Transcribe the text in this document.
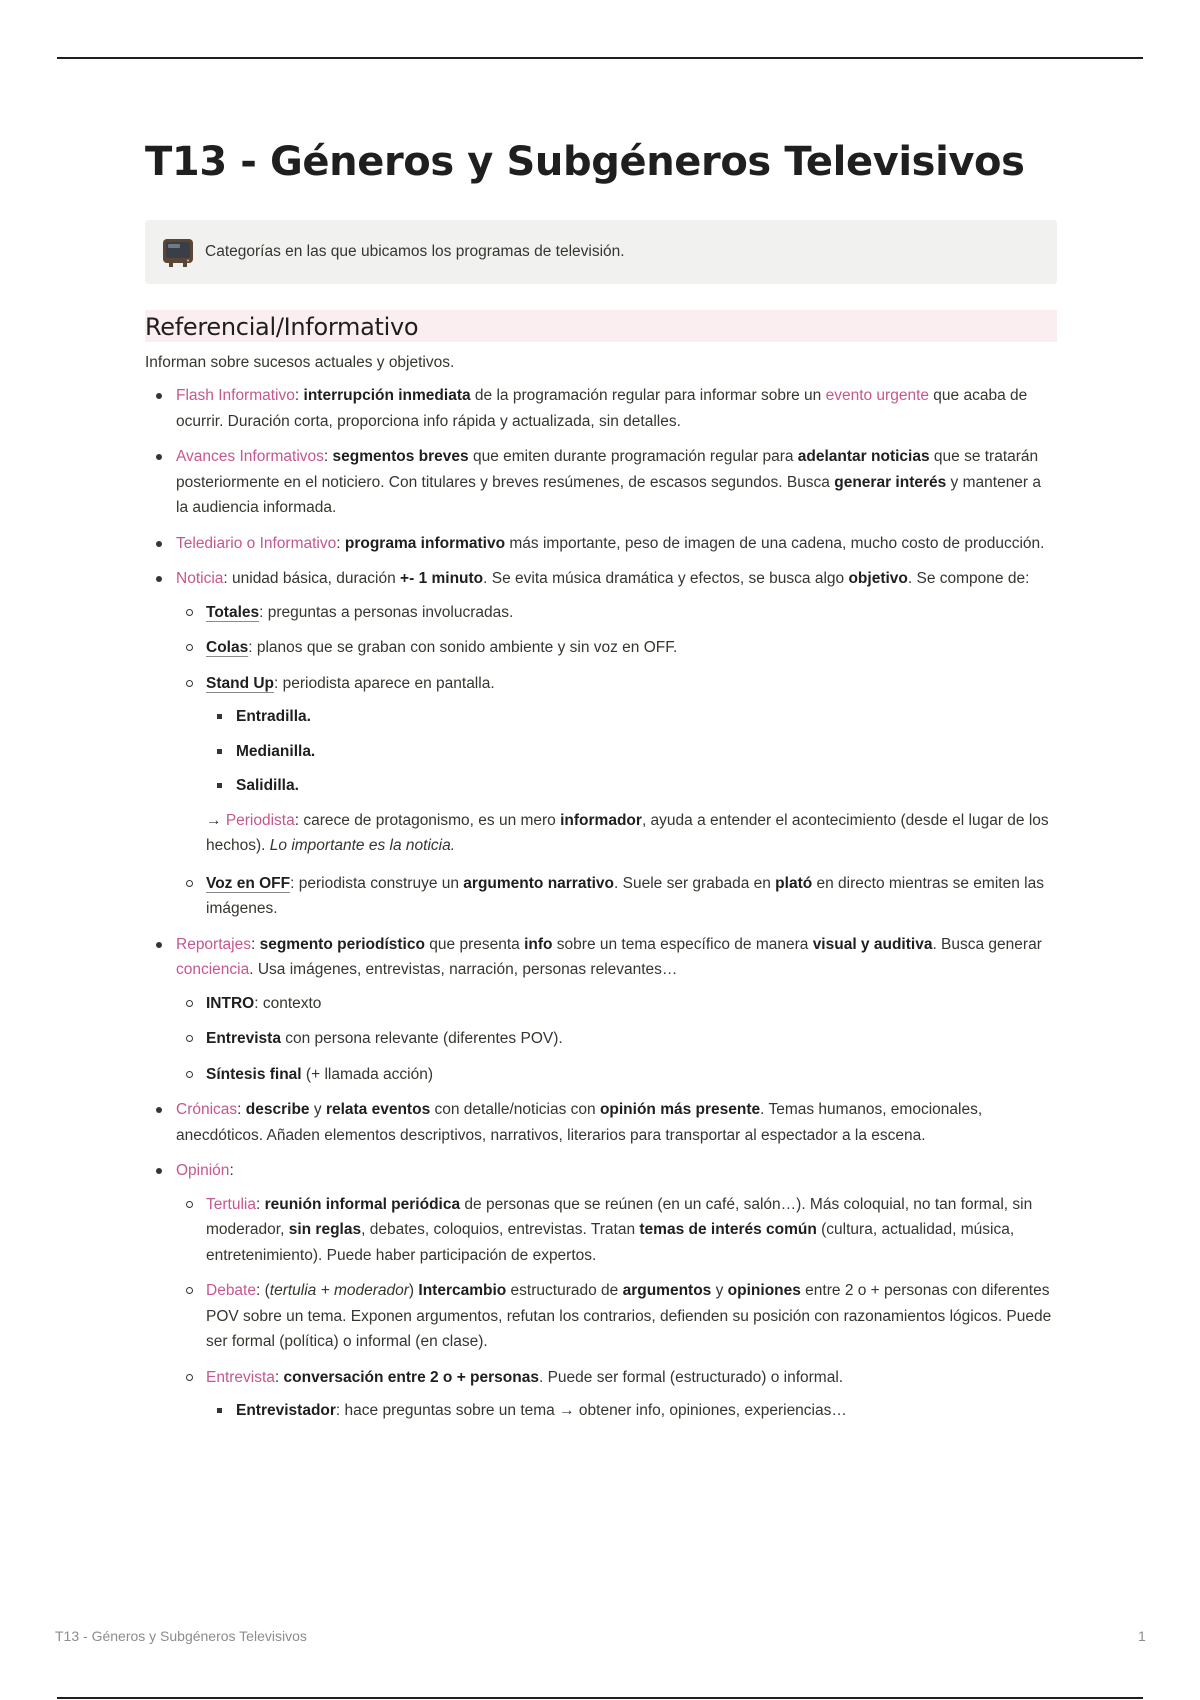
T13 - Géneros y Subgéneros Televisivos
Categorías en las que ubicamos los programas de televisión.
Referencial/Informativo

Informan sobre sucesos actuales y objetivos.

Flash Informativo: interrupción inmediata de la programación regular para informar sobre un evento urgente que acaba de ocurrir. Duración corta, proporciona info rápida y actualizada, sin detalles.
Avances Informativos: segmentos breves que emiten durante programación regular para adelantar noticias que se tratarán posteriormente en el noticiero. Con titulares y breves resúmenes, de escasos segundos. Busca generar interés y mantener a la audiencia informada.
Telediario o Informativo: programa informativo más importante, peso de imagen de una cadena, mucho costo de producción.
Noticia: unidad básica, duración +- 1 minuto. Se evita música dramática y efectos, se busca algo objetivo. Se compone de:
Totales: preguntas a personas involucradas.
Colas: planos que se graban con sonido ambiente y sin voz en OFF.
Stand Up: periodista aparece en pantalla.
Entradilla.
Medianilla.
Salidilla.
→ Periodista: carece de protagonismo, es un mero informador, ayuda a entender el acontecimiento (desde el lugar de los hechos). Lo importante es la noticia.
Voz en OFF: periodista construye un argumento narrativo. Suele ser grabada en plató en directo mientras se emiten las imágenes.
Reportajes: segmento periodístico que presenta info sobre un tema específico de manera visual y auditiva. Busca generar conciencia. Usa imágenes, entrevistas, narración, personas relevantes…
INTRO: contexto
Entrevista con persona relevante (diferentes POV).
Síntesis final (+ llamada acción)
Crónicas: describe y relata eventos con detalle/noticias con opinión más presente. Temas humanos, emocionales, anecdóticos. Añaden elementos descriptivos, narrativos, literarios para transportar al espectador a la escena.
Opinión:
Tertulia: reunión informal periódica de personas que se reúnen (en un café, salón…). Más coloquial, no tan formal, sin moderador, sin reglas, debates, coloquios, entrevistas. Tratan temas de interés común (cultura, actualidad, música, entretenimiento). Puede haber participación de expertos.
Debate: (tertulia + moderador) Intercambio estructurado de argumentos y opiniones entre 2 o + personas con diferentes POV sobre un tema. Exponen argumentos, refutan los contrarios, defienden su posición con razonamientos lógicos. Puede ser formal (política) o informal (en clase).
Entrevista: conversación entre 2 o + personas. Puede ser formal (estructurado) o informal.
Entrevistador: hace preguntas sobre un tema → obtener info, opiniones, experiencias…
T13 - Géneros y Subgéneros Televisivos	1
